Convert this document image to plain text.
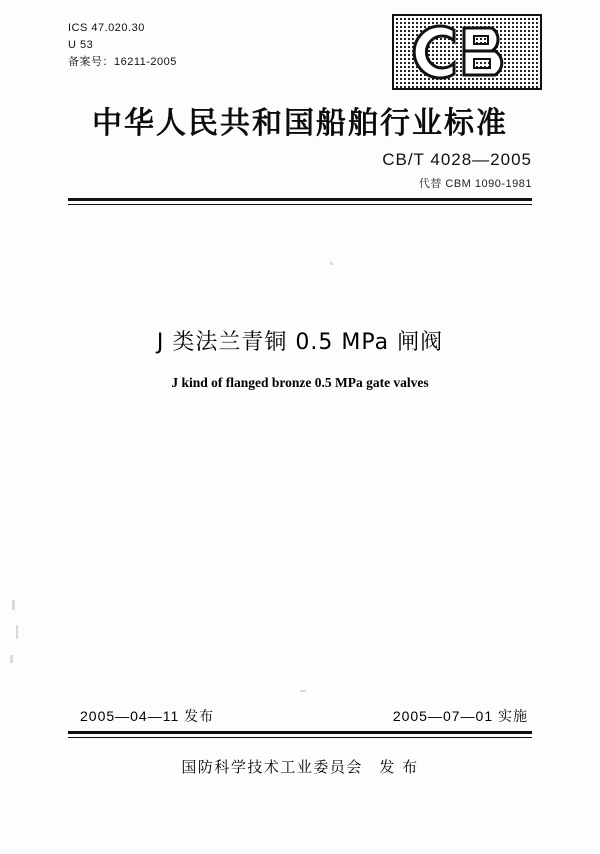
ICS 47.020.30
U 53
备案号：16211-2005
中华人民共和国船舶行业标准
CB/T 4028—2005
代替 CBM 1090-1981
J 类法兰青铜 0.5 MPa 闸阀
J kind of flanged bronze 0.5 MPa gate valves
2005—04—11 发布	2005—07—01 实施
国防科学技术工业委员会　发 布
